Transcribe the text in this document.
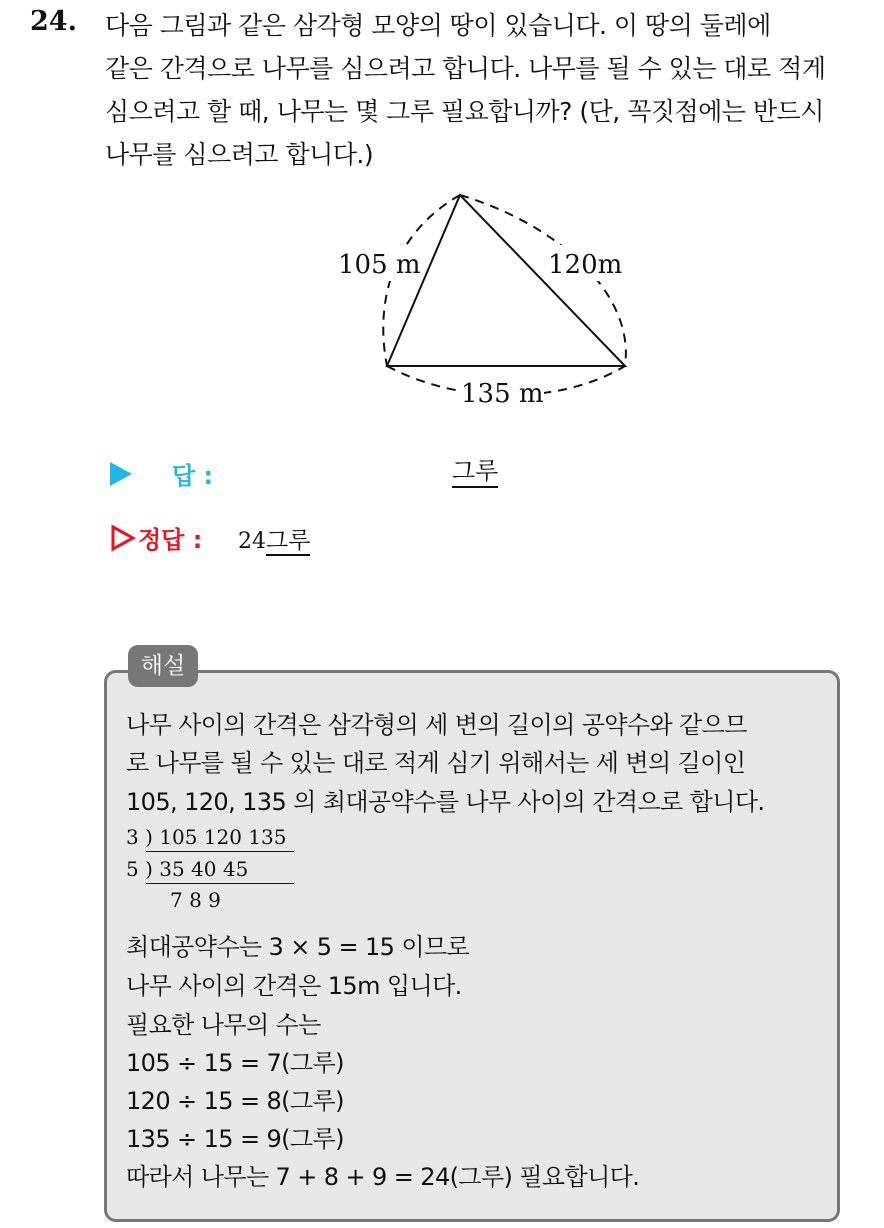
24. 다음 그림과 같은 삼각형 모양의 땅이 있습니다. 이 땅의 둘레에
같은 간격으로 나무를 심으려고 합니다. 나무를 될 수 있는 대로 적게
심으려고 할 때, 나무는 몇 그루 필요합니까? (단, 꼭짓점에는 반드시
나무를 심으려고 합니다.)
105 m	120m
135 m
답 :	그루
정답 : 24그루
해설
나무 사이의 간격은 삼각형의 세 변의 길이의 공약수와 같으므
로 나무를 될 수 있는 대로 적게 심기 위해서는 세 변의 길이인
105, 120, 135 의 최대공약수를 나무 사이의 간격으로 합니다.
3 ) 105 120 135
5 ) 35 40 45
7 8 9
최대공약수는 3 × 5 = 15 이므로
나무 사이의 간격은 15m 입니다.
필요한 나무의 수는
105 ÷ 15 = 7(그루)
120 ÷ 15 = 8(그루)
135 ÷ 15 = 9(그루)
따라서 나무는 7 + 8 + 9 = 24(그루) 필요합니다.
